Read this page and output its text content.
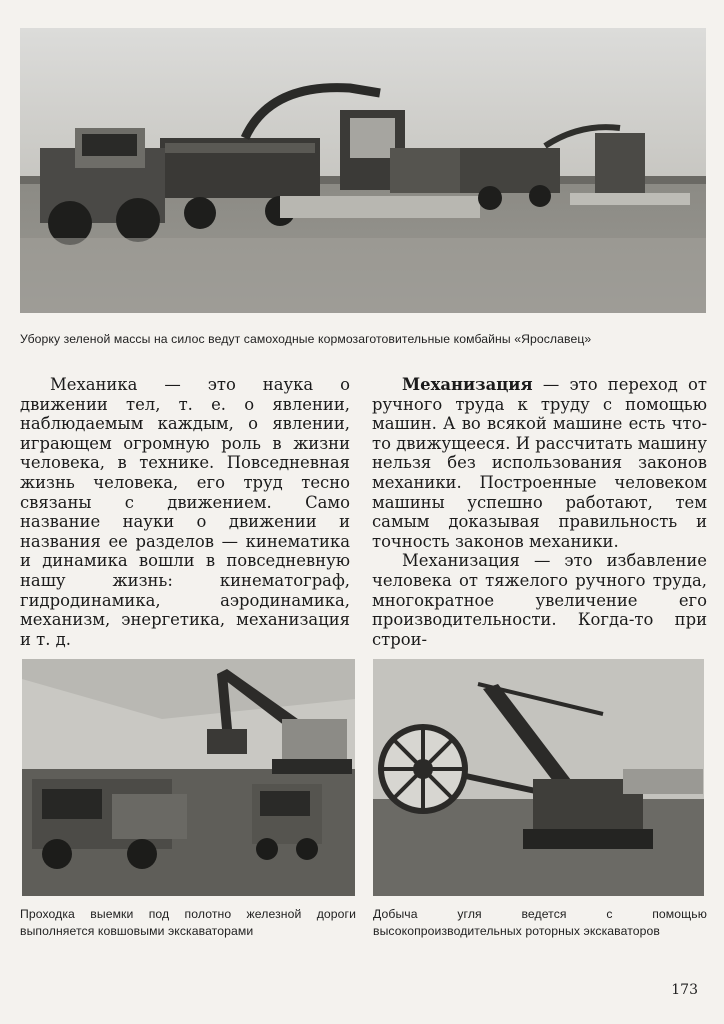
Уборку зеленой массы на силос ведут самоходные кормозаготовительные комбайны «Ярославец»

Механика — это наука о движении тел, т. е. о явлении, наблюдаемым каждым, о явлении, играющем огромную роль в жизни человека, в технике. Повседневная жизнь человека, его труд тесно связаны с движением. Само название науки о движении и названия ее разделов — кинематика и динамика вошли в повседневную нашу жизнь: кинематограф, гидродинамика, аэродинамика, механизм, энергетика, механизация и т. д.

Механизация — это переход от ручного труда к труду с помощью машин. А во всякой машине есть что-то движущееся. И рассчитать машину нельзя без использования законов механики. Построенные человеком машины успешно работают, тем самым доказывая правильность и точность законов механики.

Механизация — это избавление человека от тяжелого ручного труда, многократное увеличение его производительности. Когда-то при строи-

Проходка выемки под полотно железной дороги выполняется ковшовыми экскаваторами
Добыча угля ведется с помощью высокопроизводительных роторных экскаваторов
173
